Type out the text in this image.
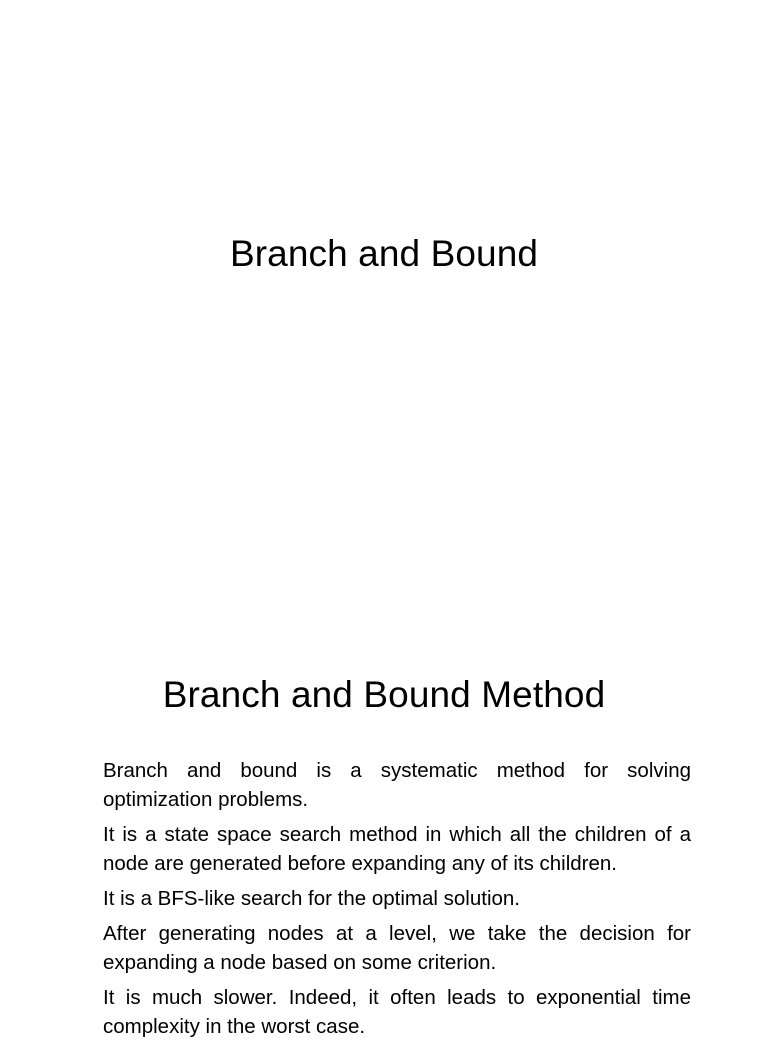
Branch and Bound
Branch and Bound Method
Branch and bound is a systematic method for solving optimization problems.
It is a state space search method in which all the children of a node are generated before expanding any of its children.
It is a BFS-like search for the optimal solution.
After generating nodes at a level, we take the decision for expanding a node based on some criterion.
It is much slower. Indeed, it often leads to exponential time complexity in the worst case.
